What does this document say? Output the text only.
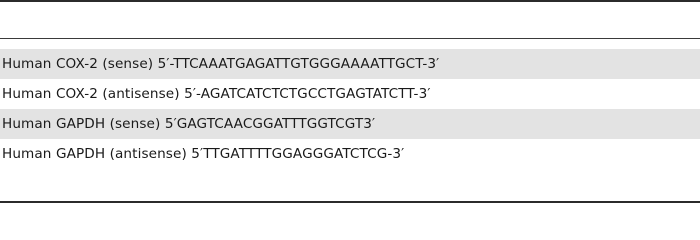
Human COX-2 (sense) 5′-TTCAAATGAGATTGTGGGAAAATTGCT-3′
Human COX-2 (antisense) 5′-AGATCATCTCTGCCTGAGTATCTT-3′
Human GAPDH (sense) 5′GAGTCAACGGATTTGGTCGT3′
Human GAPDH (antisense) 5′TTGATTTTGGAGGGATCTCG-3′
